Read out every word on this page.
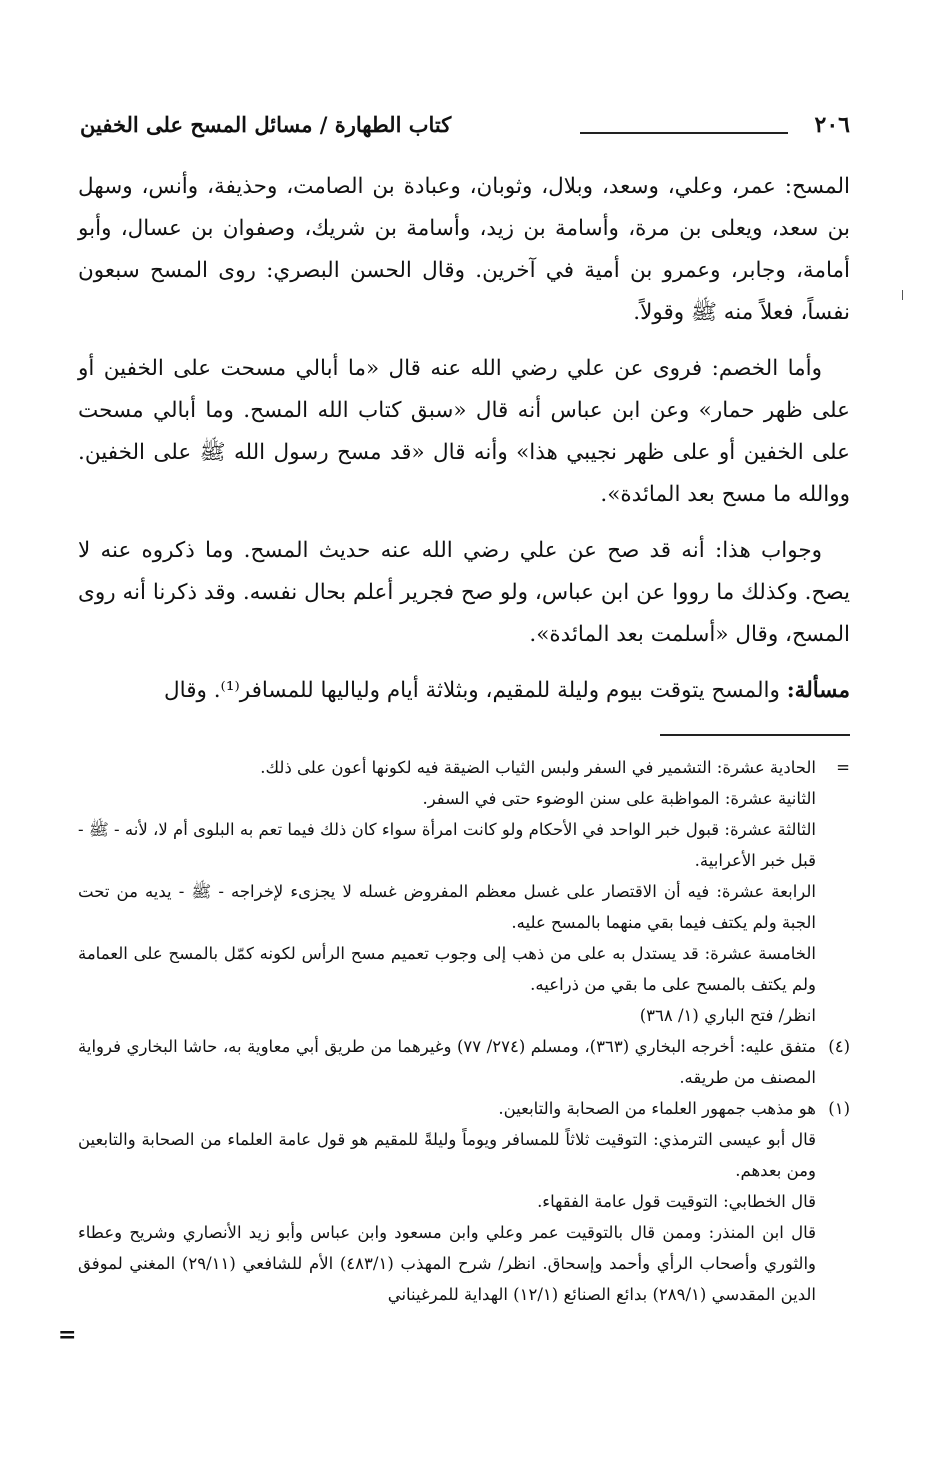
٢٠٦
كتاب الطهارة / مسائل المسح على الخفين

المسح: عمر، وعلي، وسعد، وبلال، وثوبان، وعبادة بن الصامت، وحذيفة، وأنس، وسهل بن سعد، ويعلى بن مرة، وأسامة بن زيد، وأسامة بن شريك، وصفوان بن عسال، وأبو أمامة، وجابر، وعمرو بن أمية في آخرين. وقال الحسن البصري: روى المسح سبعون نفساً، فعلاً منه ﷺ وقولاً.

وأما الخصم: فروى عن علي رضي الله عنه قال «ما أبالي مسحت على الخفين أو على ظهر حمار» وعن ابن عباس أنه قال «سبق كتاب الله المسح. وما أبالي مسحت على الخفين أو على ظهر نجيبي هذا» وأنه قال «قد مسح رسول الله ﷺ على الخفين. ووالله ما مسح بعد المائدة».

وجواب هذا: أنه قد صح عن علي رضي الله عنه حديث المسح. وما ذكروه عنه لا يصح. وكذلك ما رووا عن ابن عباس، ولو صح فجرير أعلم بحال نفسه. وقد ذكرنا أنه روى المسح، وقال «أسلمت بعد المائدة».

مسألة: والمسح يتوقت بيوم وليلة للمقيم، وبثلاثة أيام ولياليها للمسافر⁽¹⁾. وقال

=

الحادية عشرة: التشمير في السفر ولبس الثياب الضيقة فيه لكونها أعون على ذلك.

الثانية عشرة: المواظبة على سنن الوضوء حتى في السفر.

الثالثة عشرة: قبول خبر الواحد في الأحكام ولو كانت امرأة سواء كان ذلك فيما تعم به البلوى أم لا، لأنه - ﷺ - قبل خبر الأعرابية.

الرابعة عشرة: فيه أن الاقتصار على غسل معظم المفروض غسله لا يجزىء لإخراجه - ﷺ - يديه من تحت الجبة ولم يكتف فيما بقي منهما بالمسح عليه.

الخامسة عشرة: قد يستدل به على من ذهب إلى وجوب تعميم مسح الرأس لكونه كمّل بالمسح على العمامة ولم يكتف بالمسح على ما بقي من ذراعيه.

انظر/ فتح الباري (١/ ٣٦٨)

(٤)

متفق عليه: أخرجه البخاري (٣٦٣)، ومسلم (٢٧٤/ ٧٧) وغيرهما من طريق أبي معاوية به، حاشا البخاري فرواية المصنف من طريقه.

(١)

هو مذهب جمهور العلماء من الصحابة والتابعين.

قال أبو عيسى الترمذي: التوقيت ثلاثاً للمسافر ويوماً وليلةً للمقيم هو قول عامة العلماء من الصحابة والتابعين ومن بعدهم.

قال الخطابي: التوقيت قول عامة الفقهاء.

قال ابن المنذر: وممن قال بالتوقيت عمر وعلي وابن مسعود وابن عباس وأبو زيد الأنصاري وشريح وعطاء والثوري وأصحاب الرأي وأحمد وإسحاق. انظر/ شرح المهذب (٤٨٣/١) الأم للشافعي (٢٩/١١) المغني لموفق الدين المقدسي (٢٨٩/١) بدائع الصنائع (١٢/١) الهداية للمرغيناني

=
